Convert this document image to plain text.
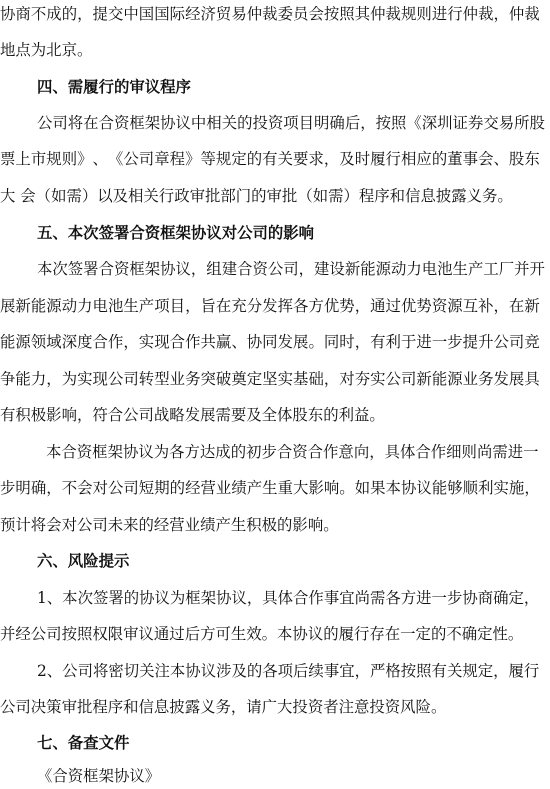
协 商 不 成 的 ， 提 交 中 国 国 际 经 济 贸 易 仲 裁 委 员 会 按 照 其 仲 裁 规 则 进 行 仲 裁 ， 仲 裁
地点为北京。
四、需履行的审议程序
公司将在合资框架协议中相关的投资项目明确后，按照《深圳证券交易所股
票 上 市 规 则 》 、 《 公 司 章 程 》 等 规 定 的 有 关 要 求 ， 及 时 履 行 相 应 的 董 事 会 、 股 东
大 会（如需）以及相关行政审批部门的审批（如需）程序和信息披露义务。
五、本次签署合资框架协议对公司的影响
本次签署合资框架协议，组建合资公司，建设新能源动力电池生产工厂并开
展 新 能 源 动 力 电 池 生 产 项 目 ， 旨 在 充 分 发 挥 各 方 优 势 ， 通 过 优 势 资 源 互 补 ， 在 新
能 源 领 域 深 度 合 作 ， 实 现 合 作 共 赢 、 协 同 发 展 。 同 时 ， 有 利 于 进 一 步 提 升 公 司 竞
争 能 力 ， 为 实 现 公 司 转 型 业 务 突 破 奠 定 坚 实 基 础 ， 对 夯 实 公 司 新 能 源 业 务 发 展 具
有积极影响，符合公司战略发展需要及全体股东的利益。
本合资框架协议为各方达成的初步合资合作意向，具体合作细则尚需进一
步 明 确 ， 不 会 对 公 司 短 期 的 经 营 业 绩 产 生 重 大 影 响 。 如 果 本 协 议 能 够 顺 利 实 施 ，
预计将会对公司未来的经营业绩产生积极的影响。
六、风险提示
1、本次签署的协议为框架协议，具体合作事宜尚需各方进一步协商确定，
并经公司按照权限审议通过后方可生效。本协议的履行存在一定的不确定性。
2、公司将密切关注本协议涉及的各项后续事宜，严格按照有关规定，履行
公司决策审批程序和信息披露义务，请广大投资者注意投资风险。
七、备查文件
《合资框架协议》
